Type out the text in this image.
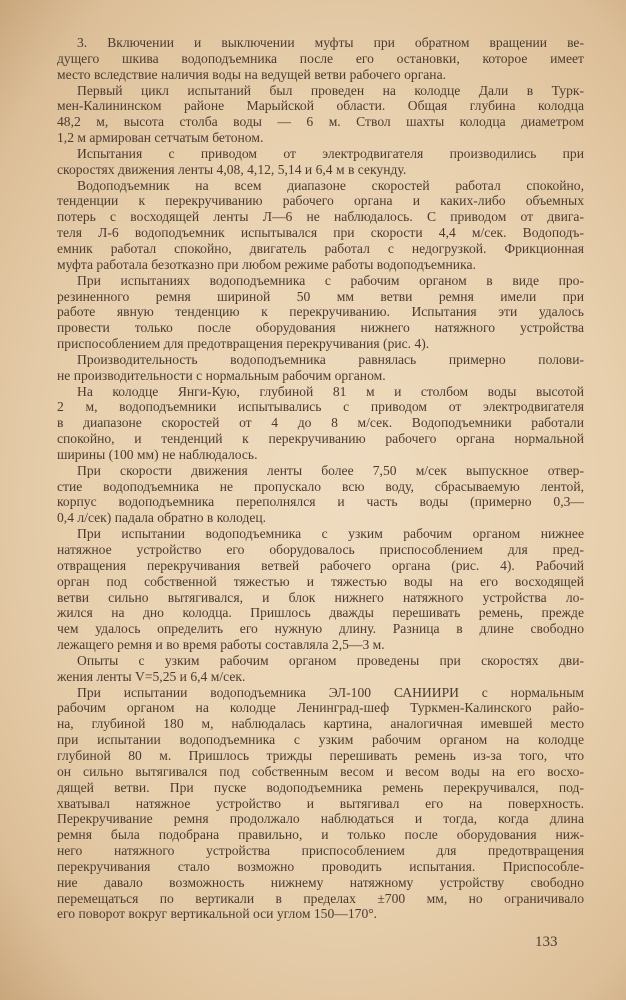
3. Включении и выключении муфты при обратном вращении ве-
дущего шкива водоподъемника после его остановки, которое имеет
место вследствие наличия воды на ведущей ветви рабочего органа.
Первый цикл испытаний был проведен на колодце Дали в Турк-
мен-Калининском районе Марыйской области. Общая глубина колодца
48,2 м, высота столба воды — 6 м. Ствол шахты колодца диаметром
1,2 м армирован сетчатым бетоном.
Испытания с приводом от электродвигателя производились при
скоростях движения ленты 4,08, 4,12, 5,14 и 6,4 м в секунду.
Водоподъемник на всем диапазоне скоростей работал спокойно,
тенденции к перекручиванию рабочего органа и каких-либо объемных
потерь с восходящей ленты Л—6 не наблюдалось. С приводом от двига-
теля Л-6 водоподъемник испытывался при скорости 4,4 м/сек. Водоподъ-
емник работал спокойно, двигатель работал с недогрузкой. Фрикционная
муфта работала безотказно при любом режиме работы водоподъемника.
При испытаниях водоподъемника с рабочим органом в виде про-
резиненного ремня шириной 50 мм ветви ремня имели при
работе явную тенденцию к перекручиванию. Испытания эти удалось
провести только после оборудования нижнего натяжного устройства
приспособлением для предотвращения перекручивания (рис. 4).
Производительность водоподъемника равнялась примерно полови-
не производительности с нормальным рабочим органом.
На колодце Янги-Кую, глубиной 81 м и столбом воды высотой
2 м, водоподъемники испытывались с приводом от электродвигателя
в диапазоне скоростей от 4 до 8 м/сек. Водоподъемники работали
спокойно, и тенденций к перекручиванию рабочего органа нормальной
ширины (100 мм) не наблюдалось.
При скорости движения ленты более 7,50 м/сек выпускное отвер-
стие водоподъемника не пропускало всю воду, сбрасываемую лентой,
корпус водоподъемника переполнялся и часть воды (примерно 0,3—
0,4 л/сек) падала обратно в колодец.
При испытании водоподъемника с узким рабочим органом нижнее
натяжное устройство его оборудовалось приспособлением для пред-
отвращения перекручивания ветвей рабочего органа (рис. 4). Рабочий
орган под собственной тяжестью и тяжестью воды на его восходящей
ветви сильно вытягивался, и блок нижнего натяжного устройства ло-
жился на дно колодца. Пришлось дважды перешивать ремень, прежде
чем удалось определить его нужную длину. Разница в длине свободно
лежащего ремня и во время работы составляла 2,5—3 м.
Опыты с узким рабочим органом проведены при скоростях дви-
жения ленты V=5,25 и 6,4 м/сек.
При испытании водоподъемника ЭЛ-100 САНИИРИ с нормальным
рабочим органом на колодце Ленинград-шеф Туркмен-Калинского райо-
на, глубиной 180 м, наблюдалась картина, аналогичная имевшей место
при испытании водоподъемника с узким рабочим органом на колодце
глубиной 80 м. Пришлось трижды перешивать ремень из-за того, что
он сильно вытягивался под собственным весом и весом воды на его восхо-
дящей ветви. При пуске водоподъемника ремень перекручивался, под-
хватывал натяжное устройство и вытягивал его на поверхность.
Перекручивание ремня продолжало наблюдаться и тогда, когда длина
ремня была подобрана правильно, и только после оборудования ниж-
него натяжного устройства приспособлением для предотвращения
перекручивания стало возможно проводить испытания. Приспособле-
ние давало возможность нижнему натяжному устройству свободно
перемещаться по вертикали в пределах ±700 мм, но ограничивало
его поворот вокруг вертикальной оси углом 150—170°.
133
